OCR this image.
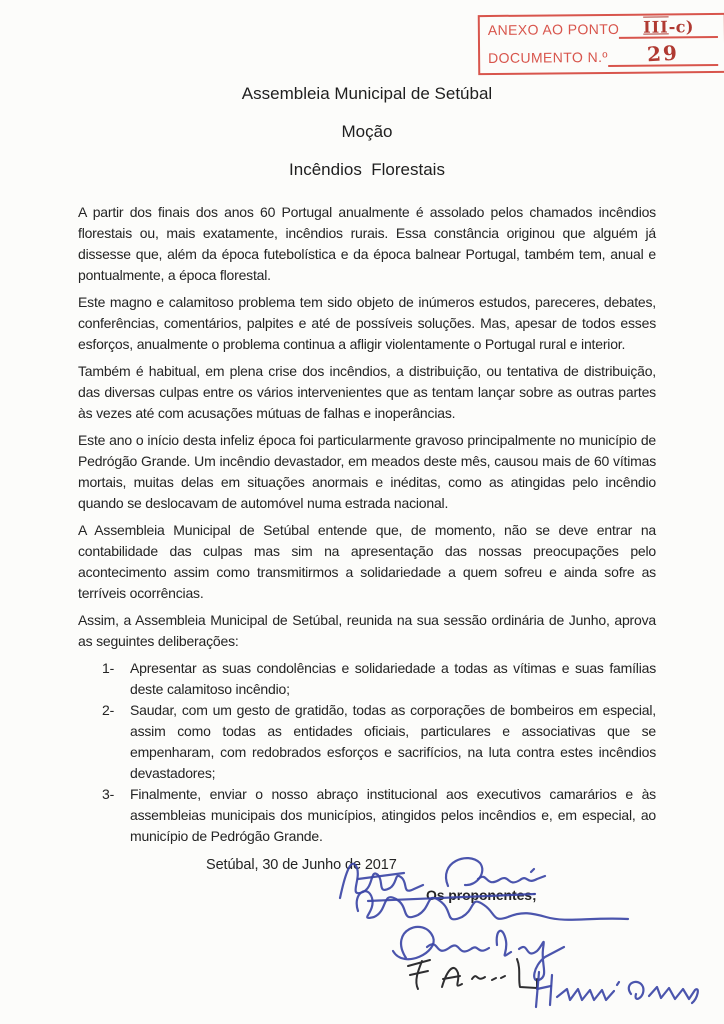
ANEXO AO PONTO	III-c)
DOCUMENTO N.º	29
Assembleia Municipal de Setúbal
Moção
Incêndios  Florestais

A partir dos finais dos anos 60 Portugal anualmente é assolado pelos chamados incêndios florestais ou, mais exatamente, incêndios rurais. Essa constância originou que alguém já dissesse que, além da época futebolística e da época balnear Portugal, também tem, anual e pontualmente, a época florestal.

Este magno e calamitoso problema tem sido objeto de inúmeros estudos, pareceres, debates, conferências, comentários, palpites e até de possíveis soluções. Mas, apesar de todos esses esforços, anualmente o problema continua a afligir violentamente o Portugal rural e interior.

Também é habitual, em plena crise dos incêndios, a distribuição, ou tentativa de distribuição, das diversas culpas entre os vários intervenientes que as tentam lançar sobre as outras partes às vezes até com acusações mútuas de falhas e inoperâncias.

Este ano o início desta infeliz época foi particularmente gravoso principalmente no município de Pedrógão Grande. Um incêndio devastador, em meados deste mês, causou mais de 60 vítimas mortais, muitas delas em situações anormais e inéditas, como as atingidas pelo incêndio quando se deslocavam de automóvel numa estrada nacional.

A Assembleia Municipal de Setúbal entende que, de momento, não se deve entrar na contabilidade das culpas mas sim na apresentação das nossas preocupações pelo acontecimento assim como transmitirmos a solidariedade a quem sofreu e ainda sofre as terríveis ocorrências.

Assim, a Assembleia Municipal de Setúbal, reunida na sua sessão ordinária de Junho, aprova as seguintes deliberações:

1-	Apresentar as suas condolências e solidariedade a todas as vítimas e suas famílias deste calamitoso incêndio;
2-	Saudar, com um gesto de gratidão, todas as corporações de bombeiros em especial, assim como todas as entidades oficiais, particulares e associativas que se empenharam, com redobrados esforços e sacrifícios, na luta contra estes incêndios devastadores;
3-	Finalmente, enviar o nosso abraço institucional aos executivos camarários e às assembleias municipais dos municípios, atingidos pelos incêndios e, em especial, ao município de Pedrógão Grande.

Setúbal, 30 de Junho de 2017

Os proponentes;
